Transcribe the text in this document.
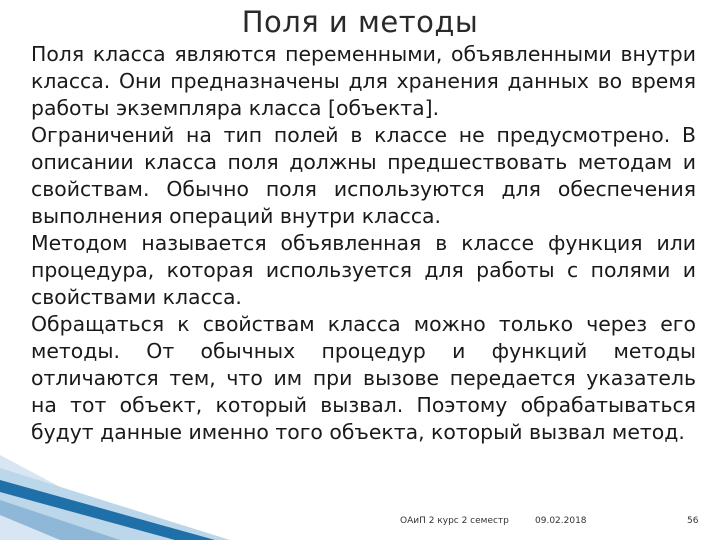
Поля и методы

Поля класса являются переменными, объявленными внутри класса. Они предназначены для хранения данных во время работы экземпляра класса [объекта].

Ограничений на тип полей в классе не предусмотрено. В описании класса поля должны предшествовать методам и свойствам. Обычно поля используются для обеспечения выполнения операций внутри класса.

Методом называется объявленная в классе функция или процедура, которая используется для работы с полями и свойствами класса.

Обращаться к свойствам класса можно только через его методы. От обычных процедур и функций методы отличаются тем, что им при вызове передается указатель на тот объект, который вызвал. Поэтому обрабатываться будут данные именно того объекта, который вызвал метод.

ОАиП 2 курс 2 семестр	09.02.2018	56
